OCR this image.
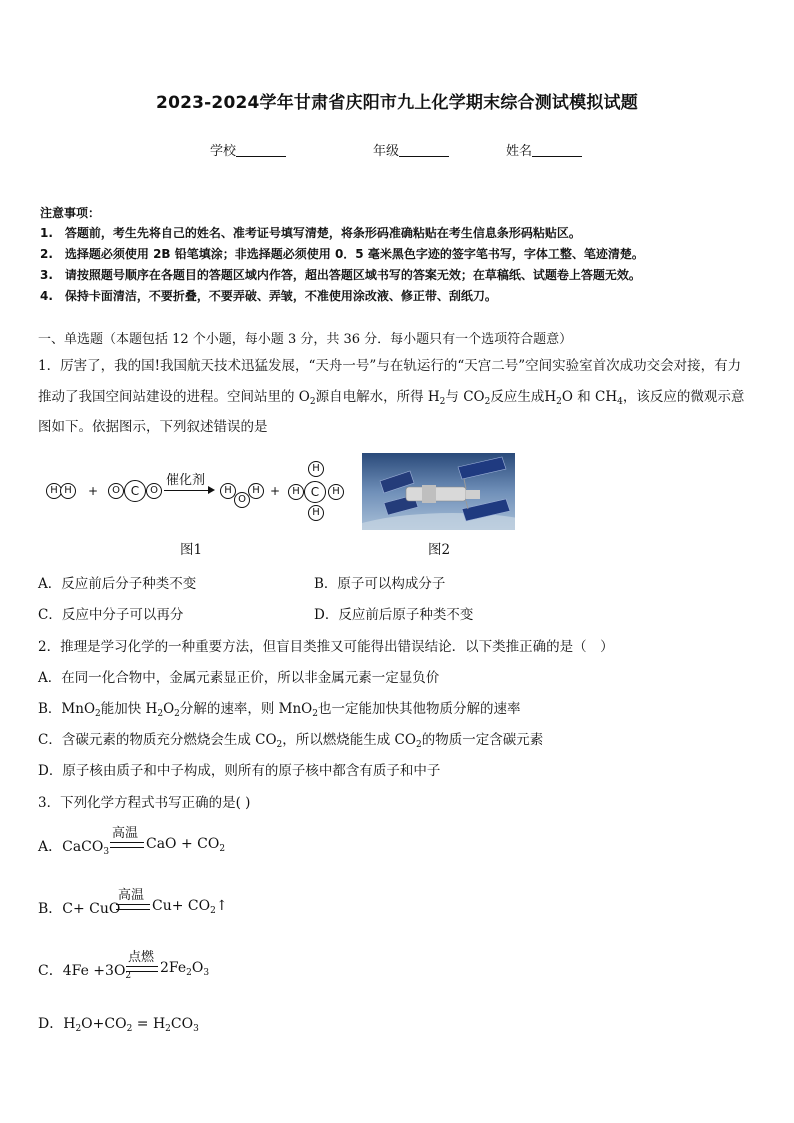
2023-2024学年甘肃省庆阳市九上化学期末综合测试模拟试题
学校	年级	姓名
注意事项：
1.　答题前，考生先将自己的姓名、准考证号填写清楚，将条形码准确粘贴在考生信息条形码粘贴区。
2.　选择题必须使用 2B 铅笔填涂；非选择题必须使用 0．5 毫米黑色字迹的签字笔书写，字体工整、笔迹清楚。
3.　请按照题号顺序在各题目的答题区域内作答，超出答题区域书写的答案无效；在草稿纸、试题卷上答题无效。
4.　保持卡面清洁，不要折叠，不要弄破、弄皱，不准使用涂改液、修正带、刮纸刀。
一、单选题（本题包括 12 个小题，每小题 3 分，共 36 分．每小题只有一个选项符合题意）
1．厉害了，我的国!我国航天技术迅猛发展，“天舟一号”与在轨运行的“天宫二号”空间实验室首次成功交会对接，有力
推动了我国空间站建设的进程。空间站里的 $O_2$源自电解水，所得 $H_2$与 $CO_2$反应生成$H_2O$ 和 $CH_4$，该反应的微观示意
图如下。依据图示，下列叙述错误的是
H H	+	O C	O
催化剂
H
O
H +
H
H C	H
H
图1	图2
A．反应前后分子种类不变	B．原子可以构成分子
C．反应中分子可以再分	D．反应前后原子种类不变
2．推理是学习化学的一种重要方法，但盲目类推又可能得出错误结论．以下类推正确的是（　）
A．在同一化合物中，金属元素显正价，所以非金属元素一定显负价
B．MnO$_2$能加快 $H_2O_2$分解的速率，则 MnO$_2$也一定能加快其他物质分解的速率
C．含碳元素的物质充分燃烧会生成 $CO_2$，所以燃烧能生成 $CO_2$的物质一定含碳元素
D．原子核由质子和中子构成，则所有的原子核中都含有质子和中子
3．下列化学方程式书写正确的是( )
高温
A．CaCO$_3$	CaO + $CO_2$
高温
B．C+ CuO $Cu+ CO_2↑$
点燃
C．$4Fe +3O_2$ $2Fe_2O_3$
D．$H_2O+CO_2 = H_2CO_3$
